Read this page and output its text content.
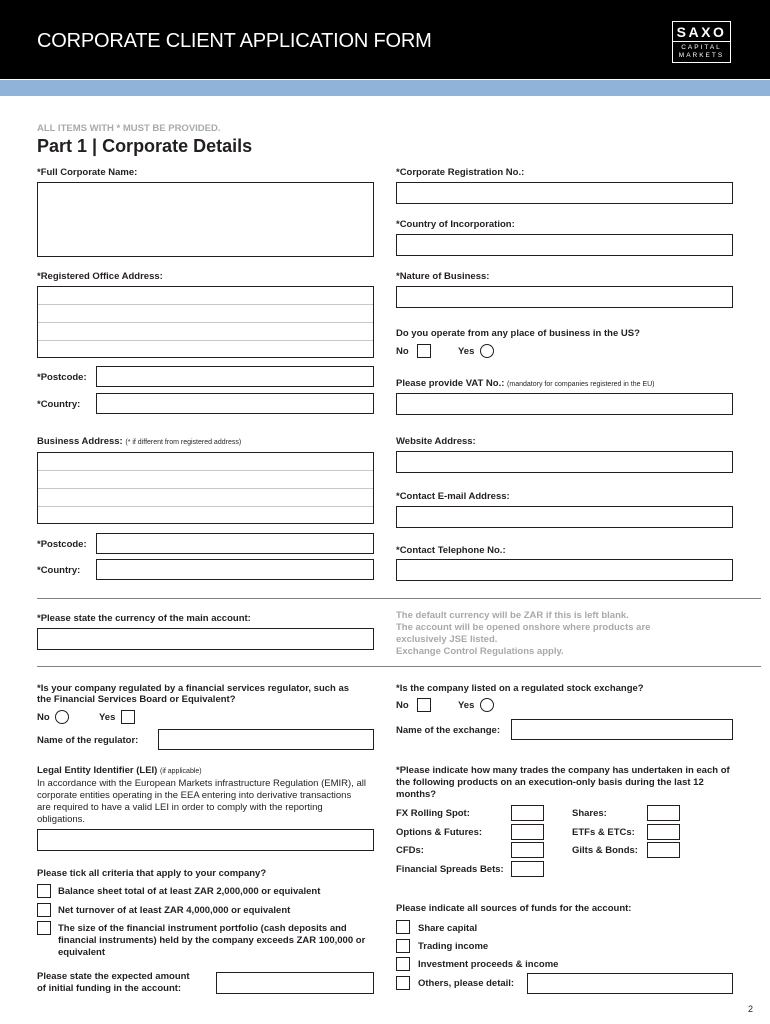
CORPORATE CLIENT APPLICATION FORM	SAXO
CAPITAL
MARKETS
ALL ITEMS WITH * MUST BE PROVIDED.
Part 1 | Corporate Details
*Full Corporate Name:
*Registered Office Address:
*Postcode:
*Country:
Business Address: (* if different from registered address)
*Postcode:
*Country:
*Please state the currency of the main account:
*Is your company regulated by a financial services regulator, such as
the Financial Services Board or Equivalent?
No	Yes
Name of the regulator:
Legal Entity Identifier (LEI) (if applicable)
In accordance with the European Markets infrastructure Regulation (EMIR), all corporate entities operating in the EEA entering into derivative transactions are required to have a valid LEI in order to comply with the reporting obligations.
Please tick all criteria that apply to your company?
Balance sheet total of at least ZAR 2,000,000 or equivalent
Net turnover of at least ZAR 4,000,000 or equivalent
The size of the financial instrument portfolio (cash deposits and financial instruments) held by the company exceeds ZAR 100,000 or equivalent
Please state the expected amount
of initial funding in the account:
*Corporate Registration No.:
*Country of Incorporation:
*Nature of Business:
Do you operate from any place of business in the US?
No	Yes
Please provide VAT No.: (mandatory for companies registered in the EU)
Website Address:
*Contact E-mail Address:
*Contact Telephone No.:
The default currency will be ZAR if this is left blank.
The account will be opened onshore where products are
exclusively JSE listed.
Exchange Control Regulations apply.
*Is the company listed on a regulated stock exchange?
No	Yes
Name of the exchange:
*Please indicate how many trades the company has undertaken in each of the following products on an execution-only basis during the last 12 months?
FX Rolling Spot:	Shares:
Options & Futures:	ETFs & ETCs:
CFDs:	Gilts & Bonds:
Financial Spreads Bets:
Please indicate all sources of funds for the account:
Share capital
Trading income
Investment proceeds & income
Others, please detail:
2
